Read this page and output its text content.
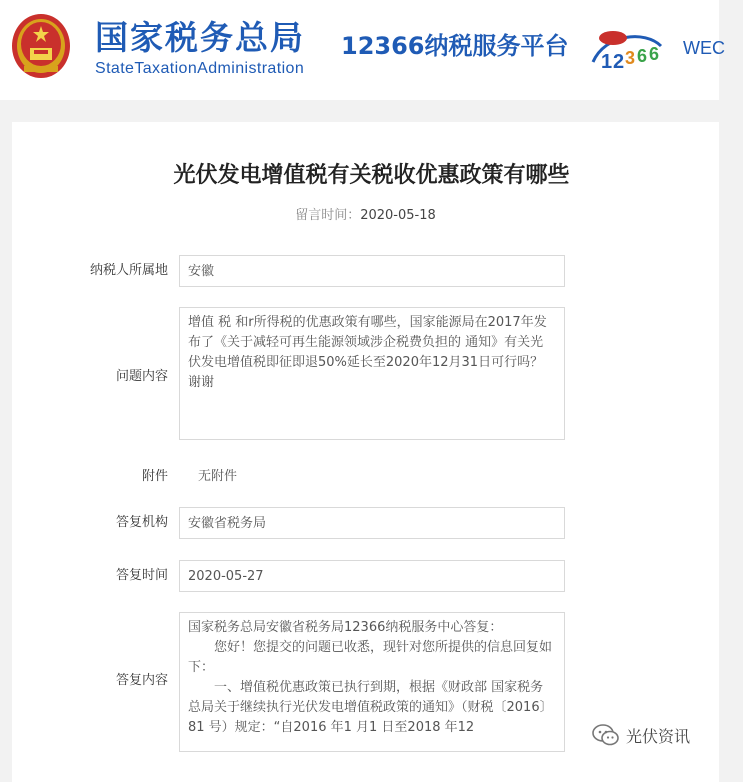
国家税务总局
StateTaxationAdministration
12366纳税服务平台
1 2 3 6 6 WEC
光伏发电增值税有关税收优惠政策有哪些
留言时间：2020-05-18
纳税人所属地	安徽
问题内容
增值 税 和r所得税的优惠政策有哪些，国家能源局在2017年发布了《关于减轻可再生能源领域涉企税费负担的 通知》有关光伏发电增值税即征即退50%延长至2020年12月31日可行吗？谢谢
附件 无附件
答复机构	安徽省税务局
答复时间	2020-05-27
答复内容

国家税务总局安徽省税务局12366纳税服务中心答复：

您好！您提交的问题已收悉，现针对您所提供的信息回复如下：

一、增值税优惠政策已执行到期，根据《财政部 国家税务总局关于继续执行光伏发电增值税政策的通知》（财税〔2016〕81 号）规定：“自2016 年1 月1 日至2018 年12	光伏资讯
